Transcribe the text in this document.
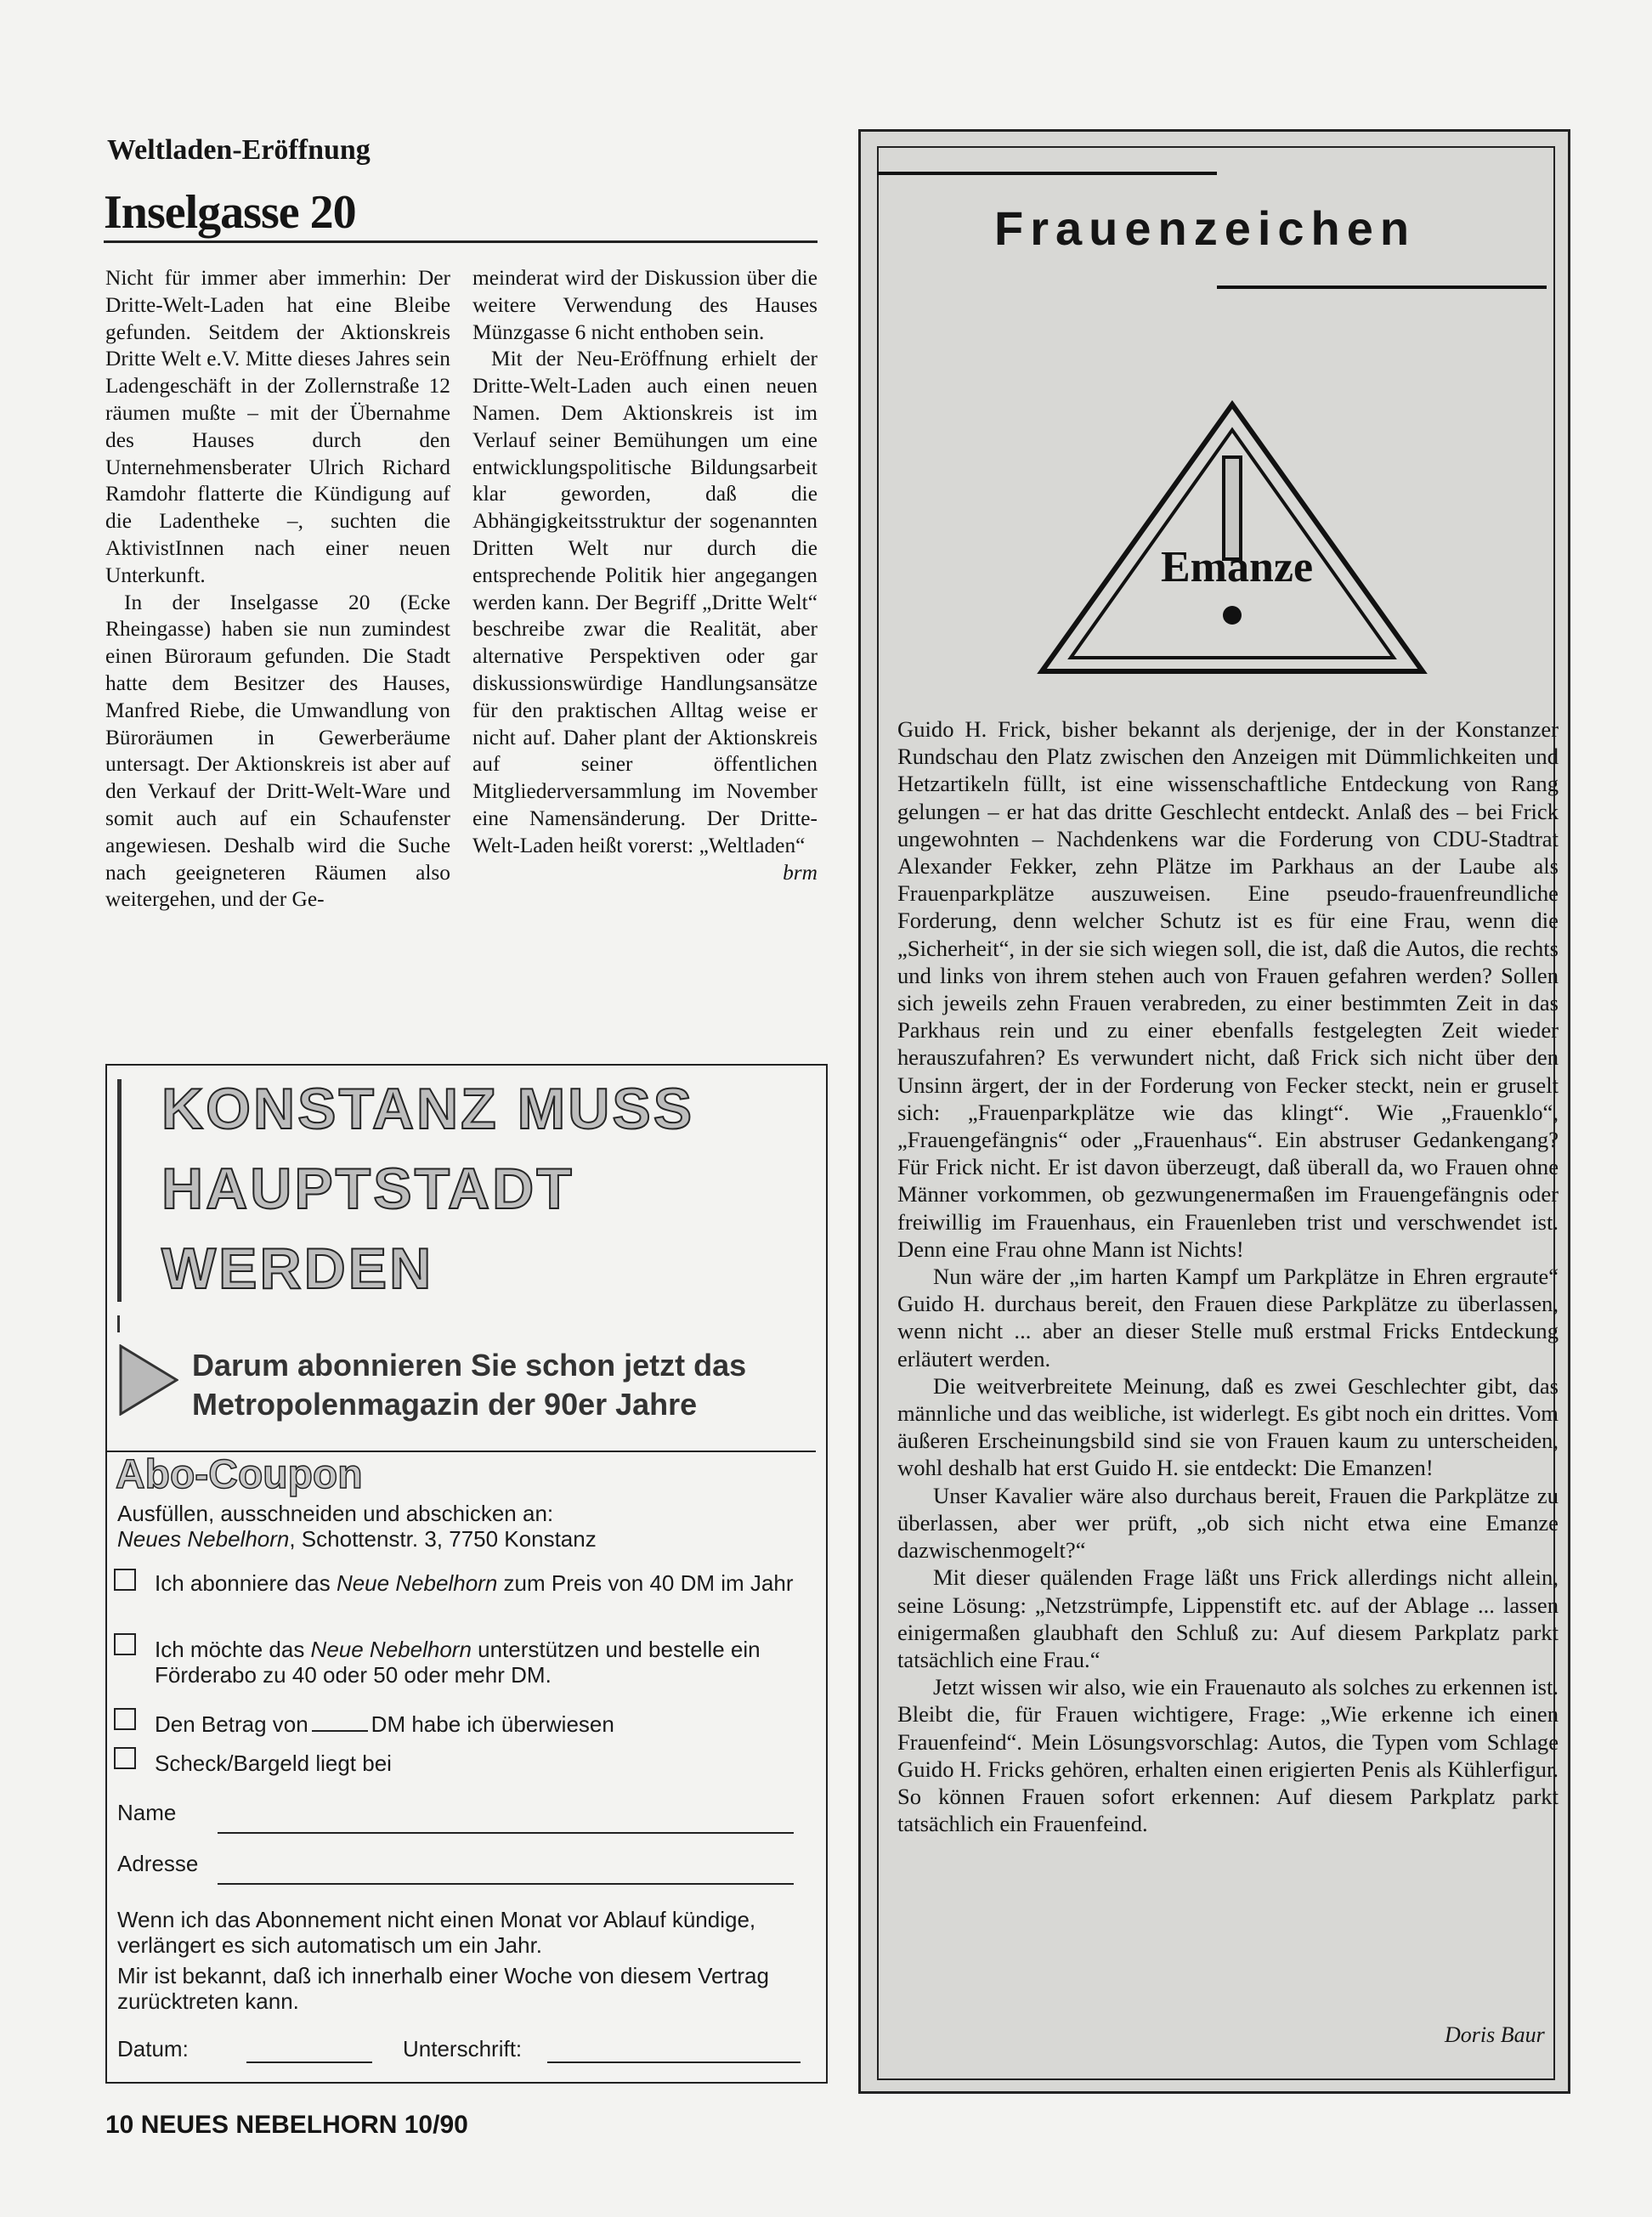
Weltladen-Eröffnung
Inselgasse 20

Nicht für immer aber immerhin: Der Dritte-Welt-Laden hat eine Bleibe gefunden. Seitdem der Aktionskreis Dritte Welt e.V. Mitte dieses Jahres sein Ladengeschäft in der Zollernstraße 12 räumen mußte – mit der Übernahme des Hauses durch den Unternehmensberater Ulrich Richard Ramdohr flatterte die Kündigung auf die Ladentheke –, suchten die AktivistInnen nach einer neuen Unterkunft.

In der Inselgasse 20 (Ecke Rheingasse) haben sie nun zumindest einen Büroraum gefunden. Die Stadt hatte dem Besitzer des Hauses, Manfred Riebe, die Umwandlung von Büroräumen in Gewerberäume untersagt. Der Aktionskreis ist aber auf den Verkauf der Dritt-Welt-Ware und somit auch auf ein Schaufenster angewiesen. Deshalb wird die Suche nach geeigneteren Räumen also weitergehen, und der Ge-

meinderat wird der Diskussion über die weitere Verwendung des Hauses Münzgasse 6 nicht enthoben sein.

Mit der Neu-Eröffnung erhielt der Dritte-Welt-Laden auch einen neuen Namen. Dem Aktionskreis ist im Verlauf seiner Bemühungen um eine entwicklungspolitische Bildungsarbeit klar geworden, daß die Abhängigkeitsstruktur der sogenannten Dritten Welt nur durch die entsprechende Politik hier angegangen werden kann. Der Begriff „Dritte Welt“ beschreibe zwar die Realität, aber alternative Perspektiven oder gar diskussionswürdige Handlungsansätze für den praktischen Alltag weise er nicht auf. Daher plant der Aktionskreis auf seiner öffentlichen Mitgliederversammlung im November eine Namensänderung. Der Dritte-Welt-Laden heißt vorerst: „Weltladen“
brm

KONSTANZ MUSS
HAUPTSTADT
WERDEN
Darum abonnieren Sie schon jetzt das
Metropolenmagazin der 90er Jahre
Abo-Coupon
Ausfüllen, ausschneiden und abschicken an:
Neues Nebelhorn, Schottenstr. 3, 7750 Konstanz
Ich abonniere das Neue Nebelhorn zum Preis von 40 DM im Jahr
Ich möchte das Neue Nebelhorn unterstützen und bestelle ein Förderabo zu 40 oder 50 oder mehr DM.
Den Betrag von	DM habe ich überwiesen
Scheck/Bargeld liegt bei
Name
Adresse
Wenn ich das Abonnement nicht einen Monat vor Ablauf kündige, verlängert es sich automatisch um ein Jahr.
Mir ist bekannt, daß ich innerhalb einer Woche von diesem Vertrag zurücktreten kann.
Datum:	Unterschrift:
Frauenzeichen
Emanze

Guido H. Frick, bisher bekannt als derjenige, der in der Konstanzer Rundschau den Platz zwischen den Anzeigen mit Dümmlichkeiten und Hetzartikeln füllt, ist eine wissenschaftliche Entdeckung von Rang gelungen – er hat das dritte Geschlecht entdeckt. Anlaß des – bei Frick ungewohnten – Nachdenkens war die Forderung von CDU-Stadtrat Alexander Fekker, zehn Plätze im Parkhaus an der Laube als Frauenparkplätze auszuweisen. Eine pseudo-frauenfreundliche Forderung, denn welcher Schutz ist es für eine Frau, wenn die „Sicherheit“, in der sie sich wiegen soll, die ist, daß die Autos, die rechts und links von ihrem stehen auch von Frauen gefahren werden? Sollen sich jeweils zehn Frauen verabreden, zu einer bestimmten Zeit in das Parkhaus rein und zu einer ebenfalls festgelegten Zeit wieder herauszufahren? Es verwundert nicht, daß Frick sich nicht über den Unsinn ärgert, der in der Forderung von Fecker steckt, nein er gruselt sich: „Frauenparkplätze wie das klingt“. Wie „Frauenklo“, „Frauengefängnis“ oder „Frauenhaus“. Ein abstruser Gedankengang? Für Frick nicht. Er ist davon überzeugt, daß überall da, wo Frauen ohne Männer vorkommen, ob gezwungenermaßen im Frauengefängnis oder freiwillig im Frauenhaus, ein Frauenleben trist und verschwendet ist. Denn eine Frau ohne Mann ist Nichts!

Nun wäre der „im harten Kampf um Parkplätze in Ehren ergraute“ Guido H. durchaus bereit, den Frauen diese Parkplätze zu überlassen, wenn nicht ... aber an dieser Stelle muß erstmal Fricks Entdeckung erläutert werden.

Die weitverbreitete Meinung, daß es zwei Geschlechter gibt, das männliche und das weibliche, ist widerlegt. Es gibt noch ein drittes. Vom äußeren Erscheinungsbild sind sie von Frauen kaum zu unterscheiden, wohl deshalb hat erst Guido H. sie entdeckt: Die Emanzen!

Unser Kavalier wäre also durchaus bereit, Frauen die Parkplätze zu überlassen, aber wer prüft, „ob sich nicht etwa eine Emanze dazwischenmogelt?“

Mit dieser quälenden Frage läßt uns Frick allerdings nicht allein, seine Lösung: „Netzstrümpfe, Lippenstift etc. auf der Ablage ... lassen einigermaßen glaubhaft den Schluß zu: Auf diesem Parkplatz parkt tatsächlich eine Frau.“

Jetzt wissen wir also, wie ein Frauenauto als solches zu erkennen ist. Bleibt die, für Frauen wichtigere, Frage: „Wie erkenne ich einen Frauenfeind“. Mein Lösungsvorschlag: Autos, die Typen vom Schlage Guido H. Fricks gehören, erhalten einen erigierten Penis als Kühlerfigur. So können Frauen sofort erkennen: Auf diesem Parkplatz parkt tatsächlich ein Frauenfeind.

Doris Baur
10 NEUES NEBELHORN 10/90
